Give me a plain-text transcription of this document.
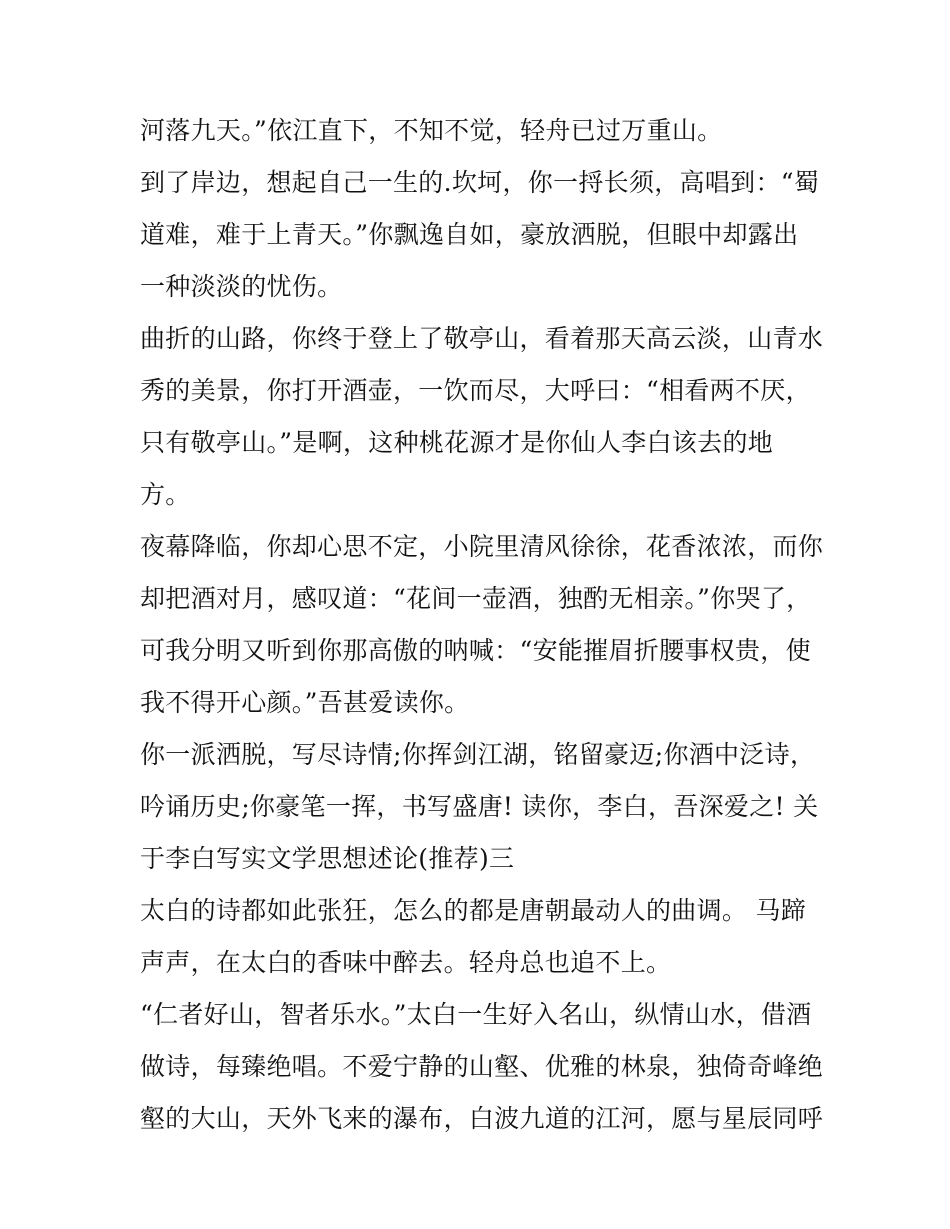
河落九天。”依江直下，不知不觉，轻舟已过万重山。
到了岸边，想起自己一生的.坎坷，你一捋长须，高唱到：“蜀
道难，难于上青天。”你飘逸自如，豪放洒脱，但眼中却露出
一种淡淡的忧伤。
曲折的山路，你终于登上了敬亭山，看着那天高云淡，山青水
秀的美景，你打开酒壶，一饮而尽，大呼曰：“相看两不厌，
只有敬亭山。”是啊，这种桃花源才是你仙人李白该去的地
方。
夜幕降临，你却心思不定，小院里清风徐徐，花香浓浓，而你
却把酒对月，感叹道：“花间一壶酒，独酌无相亲。”你哭了，
可我分明又听到你那高傲的呐喊：“安能摧眉折腰事权贵，使
我不得开心颜。”吾甚爱读你。
你一派洒脱，写尽诗情;你挥剑江湖，铭留豪迈;你酒中泛诗，
吟诵历史;你豪笔一挥，书写盛唐! 读你，李白，吾深爱之! 关
于李白写实文学思想述论(推荐)三
太白的诗都如此张狂，怎么的都是唐朝最动人的曲调。 马蹄
声声，在太白的香味中醉去。轻舟总也追不上。
“仁者好山，智者乐水。”太白一生好入名山，纵情山水，借酒
做诗，每臻绝唱。不爱宁静的山壑、优雅的林泉，独倚奇峰绝
壑的大山，天外飞来的瀑布，白波九道的江河，愿与星辰同呼
